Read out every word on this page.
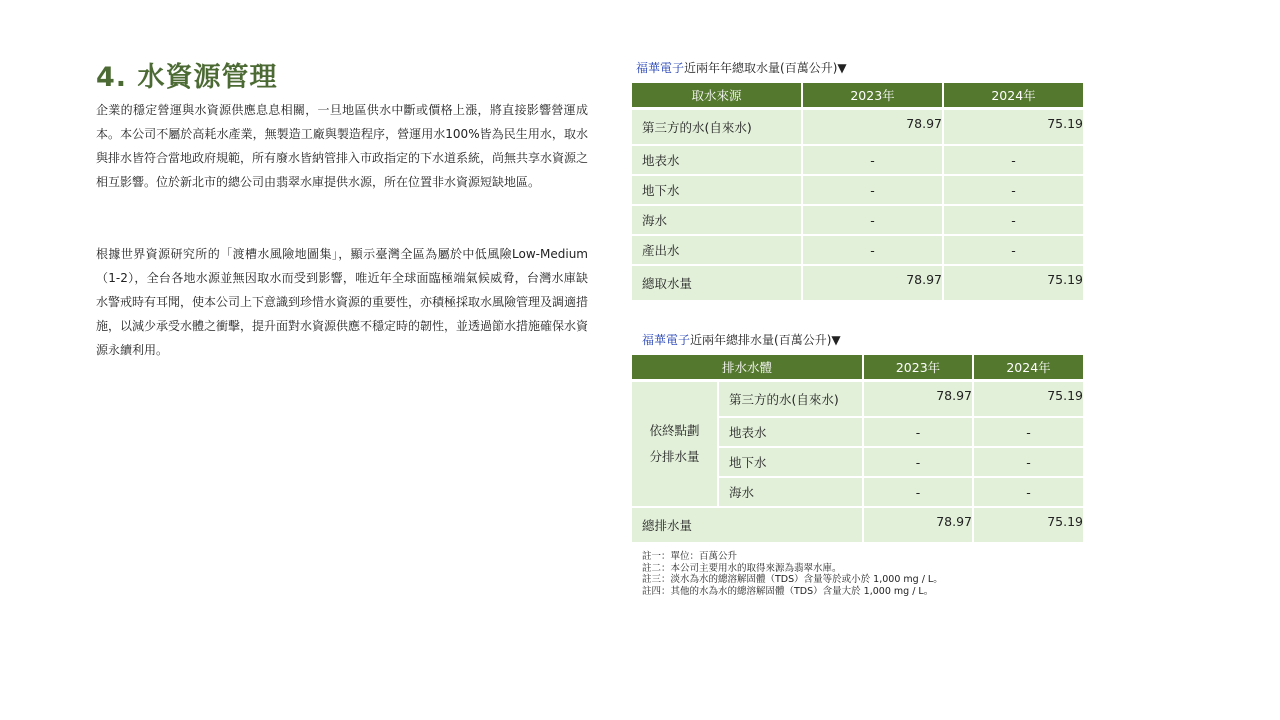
4. 水資源管理

企業的穩定營運與水資源供應息息相關，一旦地區供水中斷或價格上漲，將直接影響營運成本。本公司不屬於高耗水產業，無製造工廠與製造程序，營運用水100%皆為民生用水，取水與排水皆符合當地政府規範，所有廢水皆納管排入市政指定的下水道系統，尚無共享水資源之相互影響。位於新北市的總公司由翡翠水庫提供水源，所在位置非水資源短缺地區。

根據世界資源研究所的「渡槽水風險地圖集」，顯示臺灣全區為屬於中低風險Low-Medium（1-2），全台各地水源並無因取水而受到影響，唯近年全球面臨極端氣候威脅，台灣水庫缺水警戒時有耳聞，使本公司上下意識到珍惜水資源的重要性，亦積極採取水風險管理及調適措施，以減少承受水體之衝擊，提升面對水資源供應不穩定時的韌性，並透過節水措施確保水資源永續利用。

福華電子近兩年年總取水量(百萬公升)▼
取水來源	2023年	2024年
第三方的水(自來水)	78.97	75.19
地表水	-	-
地下水	-	-
海水	-	-
產出水	-	-
總取水量	78.97	75.19
福華電子近兩年總排水量(百萬公升)▼
排水水體		2023年	2024年
依終點劃
分排水量	第三方的水(自來水)	78.97	75.19
	地表水	-	-
	地下水	-	-
	海水	-	-
總排水量		78.97	75.19
註一：單位：百萬公升
註二：本公司主要用水的取得來源為翡翠水庫。
註三：淡水為水的總溶解固體（TDS）含量等於或小於 1,000 mg / L。
註四：其他的水為水的總溶解固體（TDS）含量大於 1,000 mg / L。
